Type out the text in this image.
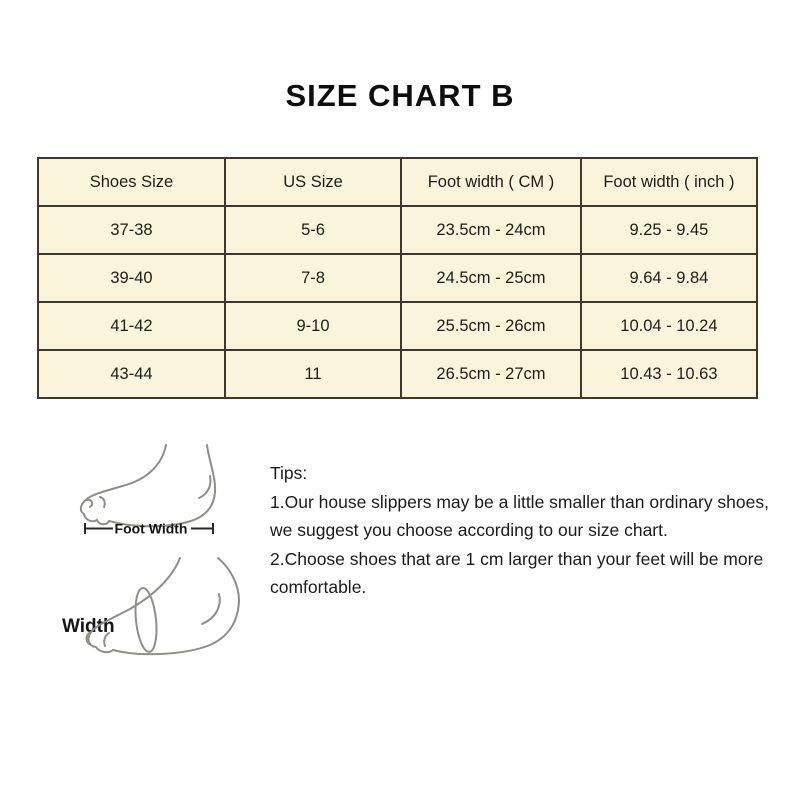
SIZE CHART B
Shoes Size	US Size	Foot width ( CM )	Foot width ( inch )
37-38	5-6	23.5cm - 24cm	9.25 - 9.45
39-40	7-8	24.5cm - 25cm	9.64 - 9.84
41-42	9-10	25.5cm - 26cm	10.04 - 10.24
43-44	11	26.5cm - 27cm	10.43 - 10.63
Foot Width
Width

Tips:

1.Our house slippers may be a little smaller than ordinary shoes, we suggest you choose according to our size chart.

2.Choose shoes that are 1 cm larger than your feet will be more comfortable.
